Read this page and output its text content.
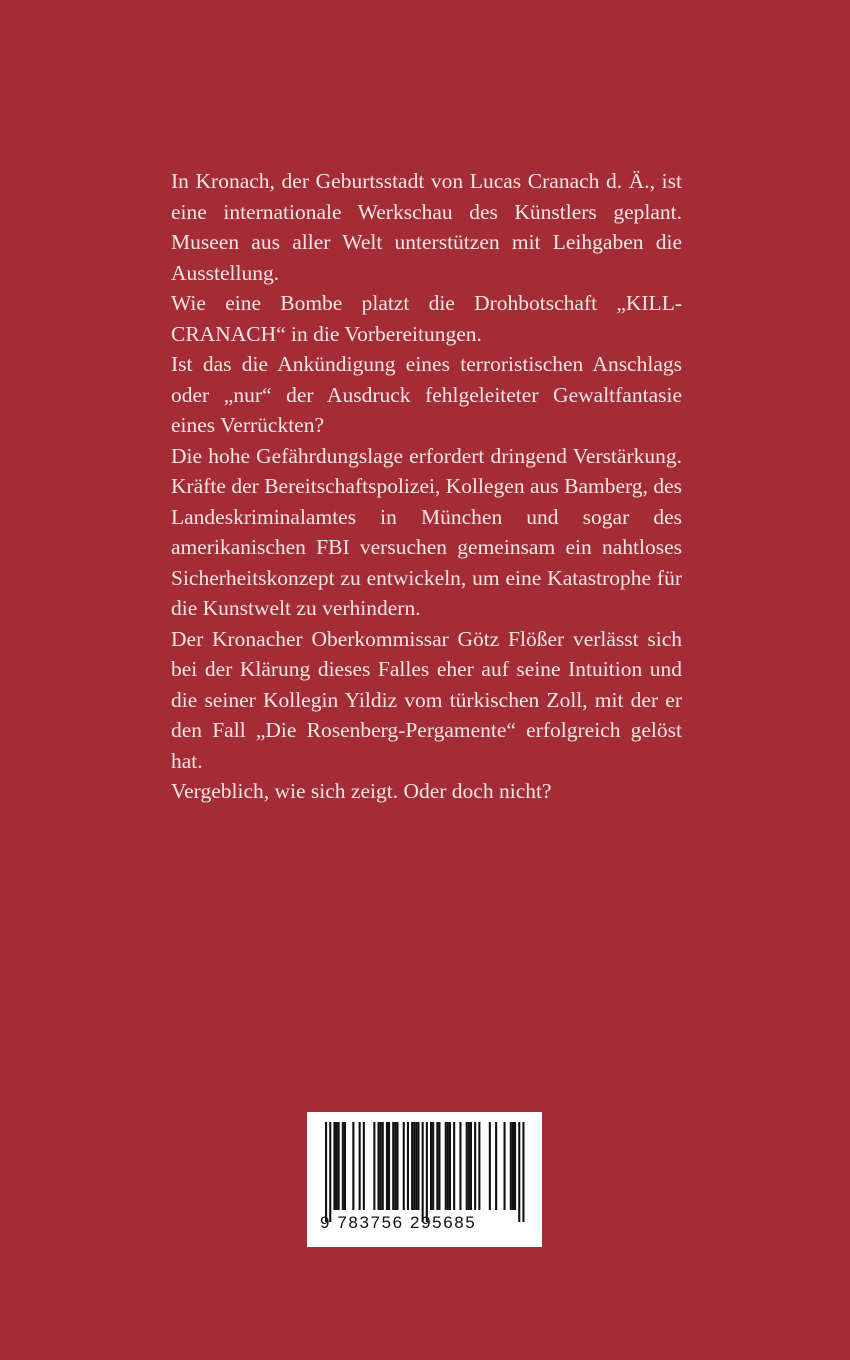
In Kronach, der Geburtsstadt von Lucas Cranach d. Ä., ist eine internationale Werkschau des Künstlers geplant. Museen aus aller Welt unterstützen mit Leihgaben die Ausstellung.

Wie eine Bombe platzt die Drohbotschaft „KILL-CRANACH“ in die Vorbereitungen.

Ist das die Ankündigung eines terroristischen Anschlags oder „nur“ der Ausdruck fehlgeleiteter Gewaltfantasie eines Verrückten?

Die hohe Gefährdungslage erfordert dringend Verstärkung. Kräfte der Bereitschaftspolizei, Kollegen aus Bamberg, des Landeskriminalamtes in München und sogar des amerikanischen FBI versuchen gemeinsam ein nahtloses Sicherheitskonzept zu entwickeln, um eine Katastrophe für die Kunstwelt zu verhindern.

Der Kronacher Oberkommissar Götz Flößer verlässt sich bei der Klärung dieses Falles eher auf seine Intuition und die seiner Kollegin Yildiz vom türkischen Zoll, mit der er den Fall „Die Rosenberg-Pergamente“ erfolgreich gelöst hat.

Vergeblich, wie sich zeigt. Oder doch nicht?

9 783756 295685
